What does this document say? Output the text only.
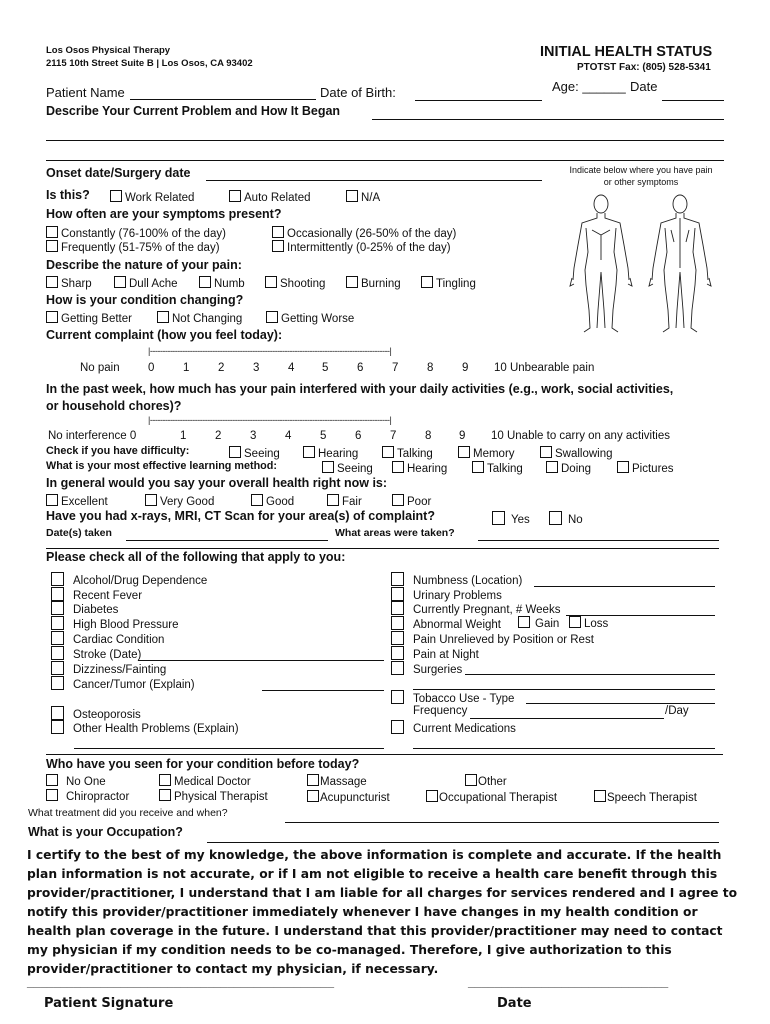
Los Osos Physical Therapy
2115 10th Street Suite B | Los Osos, CA 93402
INITIAL HEALTH STATUS
PTOTST Fax: (805) 528-5341
Patient Name	Date of Birth:	Age: ______ Date
Describe Your Current Problem and How It Began
Onset date/Surgery date	Indicate below where you have pain or other symptoms
Is this?	Work Related	Auto Related	N/A
How often are your symptoms present?
Constantly (76-100% of the day)	Occasionally (26-50% of the day)
Frequently (51-75% of the day)	Intermittently (0-25% of the day)
Describe the nature of your pain:
Sharp	Dull Ache	Numb	Shooting	Burning	Tingling
How is your condition changing?
Getting Better	Not Changing	Getting Worse
Current complaint (how you feel today):
|------------------------------------------------------------------------------------------------|
No pain 0 1 2 3 4 5 6 7 8 9 10 Unbearable pain
In the past week, how much has your pain interfered with your daily activities (e.g., work, social activities, or household chores)?
|------------------------------------------------------------------------------------------------|
No interference 0	1 2 3 4 5 6 7 8 9 10 Unable to carry on any activities
Check if you have difficulty:	Seeing	Hearing	Talking	Memory	Swallowing
What is your most effective learning method:	Seeing	Hearing	Talking	Doing	Pictures
In general would you say your overall health right now is:
Excellent	Very Good	Good	Fair	Poor
Have you had x-rays, MRI, CT Scan for your area(s) of complaint?	Yes	No
Date(s) taken	What areas were taken?
Please check all of the following that apply to you:
Alcohol/Drug Dependence
Recent Fever
Diabetes
High Blood Pressure
Cardiac Condition
Stroke (Date)
Dizziness/Fainting
Cancer/Tumor (Explain)
Osteoporosis
Other Health Problems (Explain)
Numbness (Location)
Urinary Problems
Currently Pregnant, # Weeks
Abnormal Weight	Gain	Loss
Pain Unrelieved by Position or Rest
Pain at Night
Surgeries
Tobacco Use - Type
Frequency	/Day
Current Medications
Who have you seen for your condition before today?
No One	Medical Doctor	Massage	Other
Chiropractor	Physical Therapist	Acupuncturist	Occupational Therapist	Speech Therapist
What treatment did you receive and when?
What is your Occupation?
I certify to the best of my knowledge, the above information is complete and accurate. If the health plan information is not accurate, or if I am not eligible to receive a health care benefit through this provider/practitioner, I understand that I am liable for all charges for services rendered and I agree to notify this provider/practitioner immediately whenever I have changes in my health condition or health plan coverage in the future. I understand that this provider/practitioner may need to contact my physician if my condition needs to be co-managed. Therefore, I give authorization to this provider/practitioner to contact my physician, if necessary.
______________________________________________	______________________________
Patient Signature	Date
